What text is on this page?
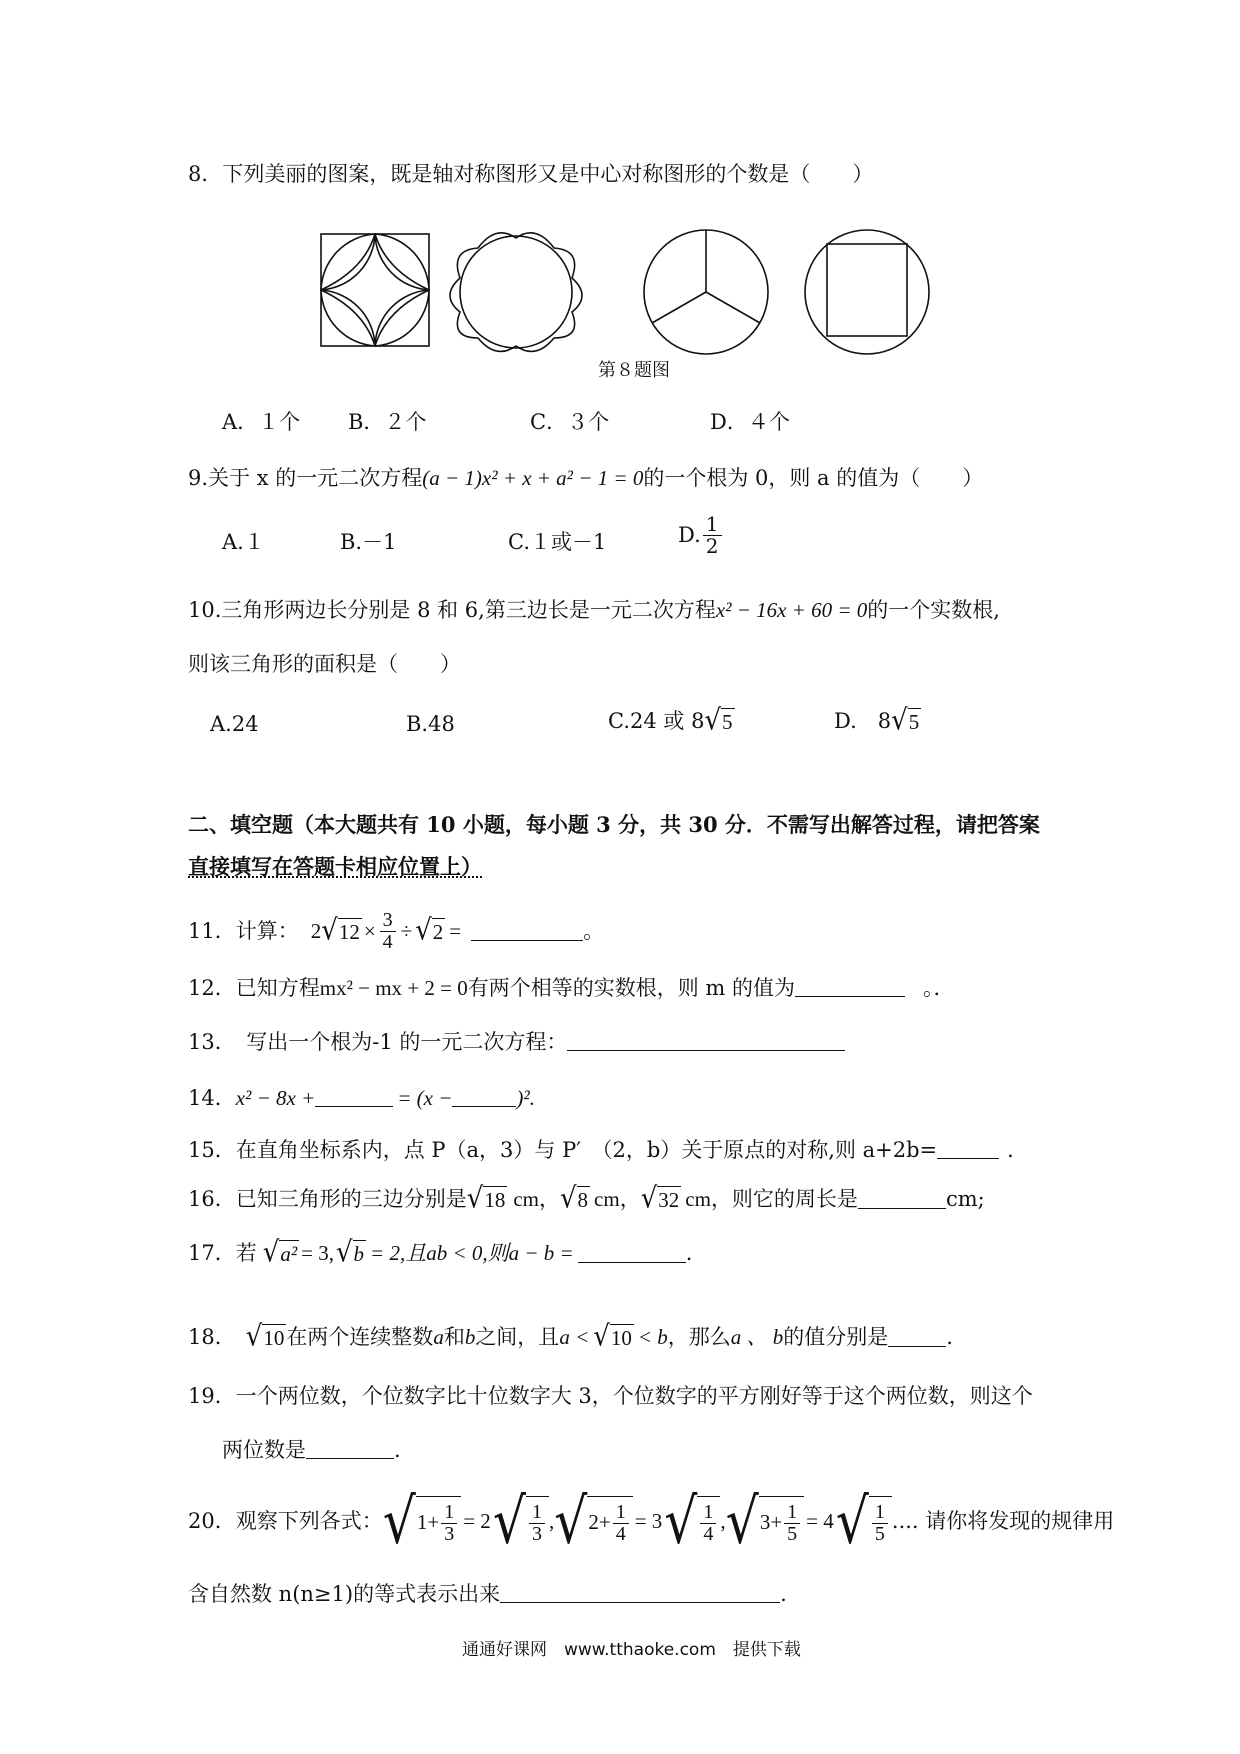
8．下列美丽的图案，既是轴对称图形又是中心对称图形的个数是（　　）
第８题图
A．１个 B．２个	C．３个	D．４个
9.关于 x 的一元二次方程(a − 1)x² + x + a² − 1 = 0的一个根为 0，则 a 的值为（　　）
A.１	B.－1	C.１或－1	D. $\frac{1}{2}$
10.三角形两边长分别是 8 和 6,第三边长是一元二次方程x² − 16x + 60 = 0的一个实数根,
则该三角形的面积是（　　）
A.24	B.48	C.24 或 8 √ 5	D.　8 √ 5
二、填空题（本大题共有 10 小题，每小题 3 分，共 30 分．不需写出解答过程，请把答案
直接填写在答题卡相应位置上）
11．计算： 2 √ $12 \times \frac{3}{4}$ ÷ √ 2 =	。
12．已知方程mx² − mx + 2 = 0有两个相等的实数根，则 m 的值为	。．
13．　写出一个根为-1 的一元二次方程：
14．x² − 8x +	= (x −	)².
15．在直角坐标系内，点 P（a，3）与 P′　（2，b）关于原点的对称,则 a+2b=	．
16．已知三角形的三边分别是 √ 18 cm ， √ 8 cm ， √ 32 cm ，则它的周长是	cm;
17．若 √ a² = 3, √ b = 2,且ab < 0,则a − b =	.
18． √ 10 在两个连续整数 a 和 b 之间，且 a < √ 10 < b ，那么 a 、 b 的值分别是	.
19．一个两位数，个位数字比十位数字大 3，个位数字的平方刚好等于这个两位数，则这个
两位数是	.
20．观察下列各式： √ $1+ \frac{1}{3} = 2$ √ $\frac{1}{3}$ , √ $2+ \frac{1}{4} = 3$ √ $\frac{1}{4}$ , √ $3+ \frac{1}{5} = 4$ √ $\frac{1}{5}$ .... 请你将发现的规律用
含自然数 n(n≥1)的等式表示出来	.
通通好课网　www.tthaoke.com　提供下载
